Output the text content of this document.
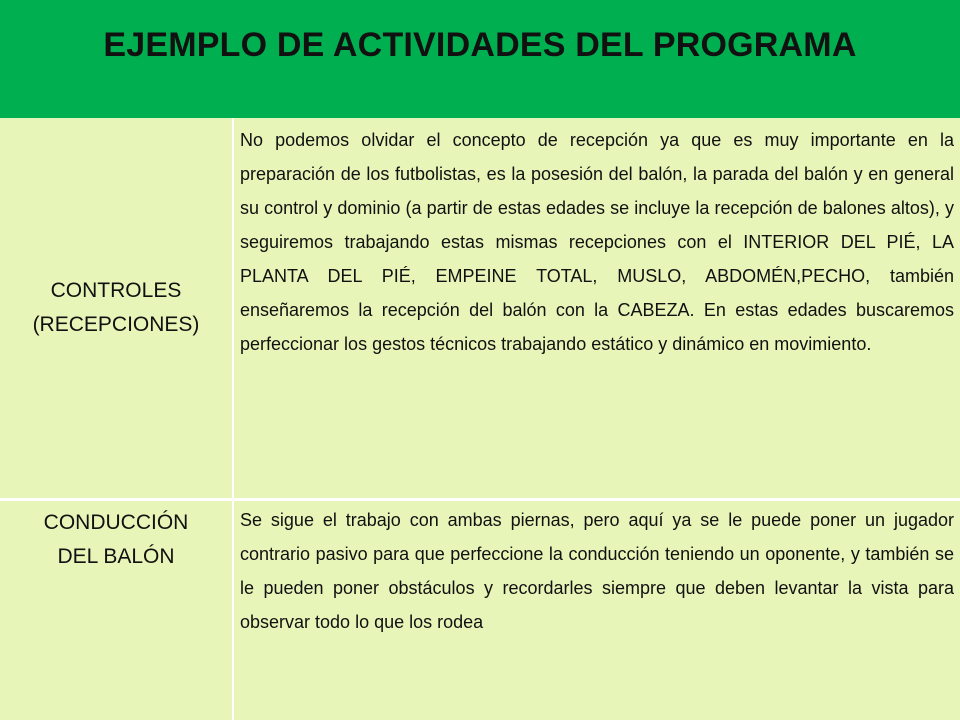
EJEMPLO DE ACTIVIDADES DEL PROGRAMA
CONTROLES
(RECEPCIONES)

No podemos olvidar el concepto de recepción ya que es muy importante en la preparación de los futbolistas, es la posesión del balón, la parada del balón y en general su control y dominio (a partir de estas edades se incluye la recepción de balones altos), y seguiremos trabajando estas mismas recepciones con el INTERIOR DEL PIÉ, LA PLANTA DEL PIÉ, EMPEINE TOTAL, MUSLO, ABDOMÉN,PECHO, también enseñaremos la recepción del balón con la CABEZA. En estas edades buscaremos perfeccionar los gestos técnicos trabajando estático y dinámico en movimiento.

CONDUCCIÓN
DEL BALÓN

Se sigue el trabajo con ambas piernas, pero aquí ya se le puede poner un jugador contrario pasivo para que perfeccione la conducción teniendo un oponente, y también se le pueden poner obstáculos y recordarles siempre que deben levantar la vista para observar todo lo que los rodea
